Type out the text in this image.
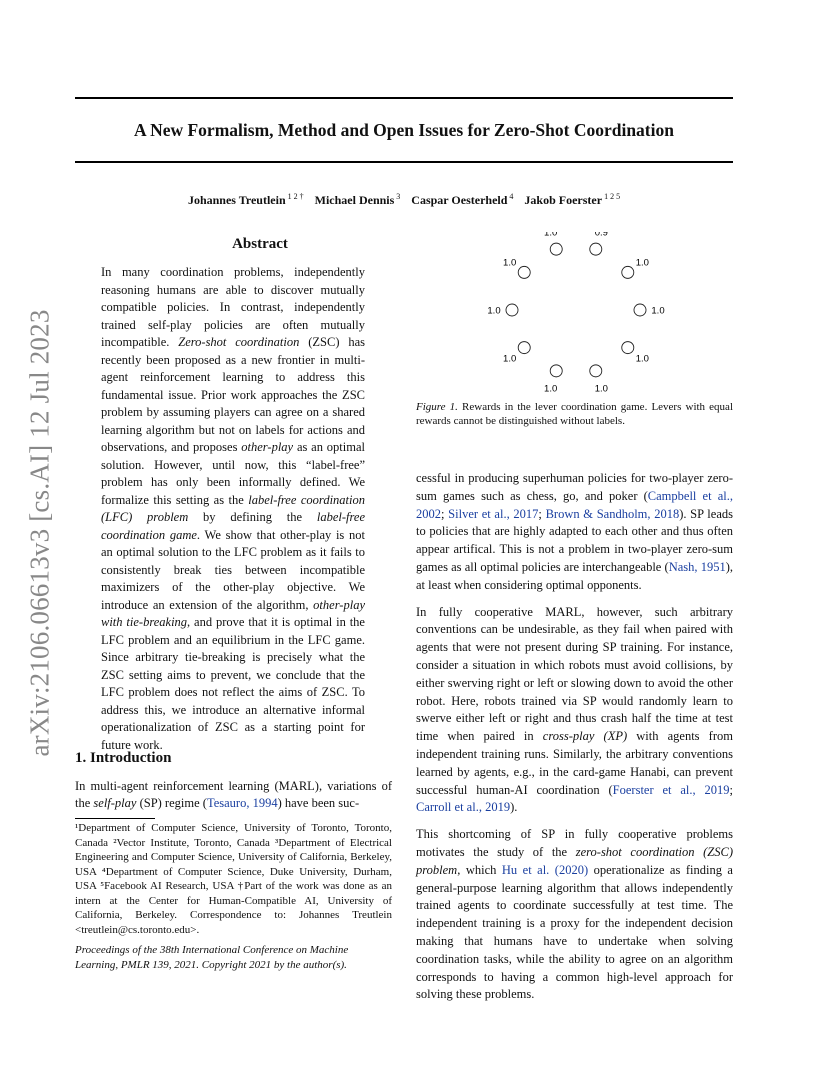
A New Formalism, Method and Open Issues for Zero-Shot Coordination
Johannes Treutlein $^{1 2 \dagger}$ Michael Dennis $^3$ Caspar Oesterheld $^4$ Jakob Foerster $^{1 2 5}$
arXiv:2106.06613v3 [cs.AI] 12 Jul 2023
Abstract
In many coordination problems, independently reasoning humans are able to discover mutually compatible policies. In contrast, independently trained self-play policies are often mutually incompatible. Zero-shot coordination (ZSC) has recently been proposed as a new frontier in multi-agent reinforcement learning to address this fundamental issue. Prior work approaches the ZSC problem by assuming players can agree on a shared learning algorithm but not on labels for actions and observations, and proposes other-play as an optimal solution. However, until now, this “label-free” problem has only been informally defined. We formalize this setting as the label-free coordination (LFC) problem by defining the label-free coordination game. We show that other-play is not an optimal solution to the LFC problem as it fails to consistently break ties between incompatible maximizers of the other-play objective. We introduce an extension of the algorithm, other-play with tie-breaking, and prove that it is optimal in the LFC problem and an equilibrium in the LFC game. Since arbitrary tie-breaking is precisely what the ZSC setting aims to prevent, we conclude that the LFC problem does not reflect the aims of ZSC. To address this, we introduce an alternative informal operationalization of ZSC as a starting point for future work.
1. Introduction
In multi-agent reinforcement learning (MARL), variations of the self-play (SP) regime (Tesauro, 1994) have been suc-
¹Department of Computer Science, University of Toronto, Toronto, Canada ²Vector Institute, Toronto, Canada ³Department of Electrical Engineering and Computer Science, University of California, Berkeley, USA ⁴Department of Computer Science, Duke University, Durham, USA ⁵Facebook AI Research, USA †Part of the work was done as an intern at the Center for Human-Compatible AI, University of California, Berkeley. Correspondence to: Johannes Treutlein <treutlein@cs.toronto.edu>.
Proceedings of the 38th International Conference on Machine Learning, PMLR 139, 2021. Copyright 2021 by the author(s).
1.0	0.9
1.0
1.0
1.0
1.0
1.0
1.0
1.0
1.0
Figure 1. Rewards in the lever coordination game. Levers with equal rewards cannot be distinguished without labels.

cessful in producing superhuman policies for two-player zero-sum games such as chess, go, and poker (Campbell et al., 2002; Silver et al., 2017; Brown & Sandholm, 2018). SP leads to policies that are highly adapted to each other and thus often appear artifical. This is not a problem in two-player zero-sum games as all optimal policies are interchangeable (Nash, 1951), at least when considering optimal opponents.

In fully cooperative MARL, however, such arbitrary conventions can be undesirable, as they fail when paired with agents that were not present during SP training. For instance, consider a situation in which robots must avoid collisions, by either swerving right or left or slowing down to avoid the other robot. Here, robots trained via SP would randomly learn to swerve either left or right and thus crash half the time at test time when paired in cross-play (XP) with agents from independent training runs. Similarly, the arbitrary conventions learned by agents, e.g., in the card-game Hanabi, can prevent successful human-AI coordination (Foerster et al., 2019; Carroll et al., 2019).

This shortcoming of SP in fully cooperative problems motivates the study of the zero-shot coordination (ZSC) problem, which Hu et al. (2020) operationalize as finding a general-purpose learning algorithm that allows independently trained agents to coordinate successfully at test time. The independent training is a proxy for the independent decision making that humans have to undertake when solving coordination tasks, while the ability to agree on an algorithm corresponds to having a common high-level approach for solving these problems.
